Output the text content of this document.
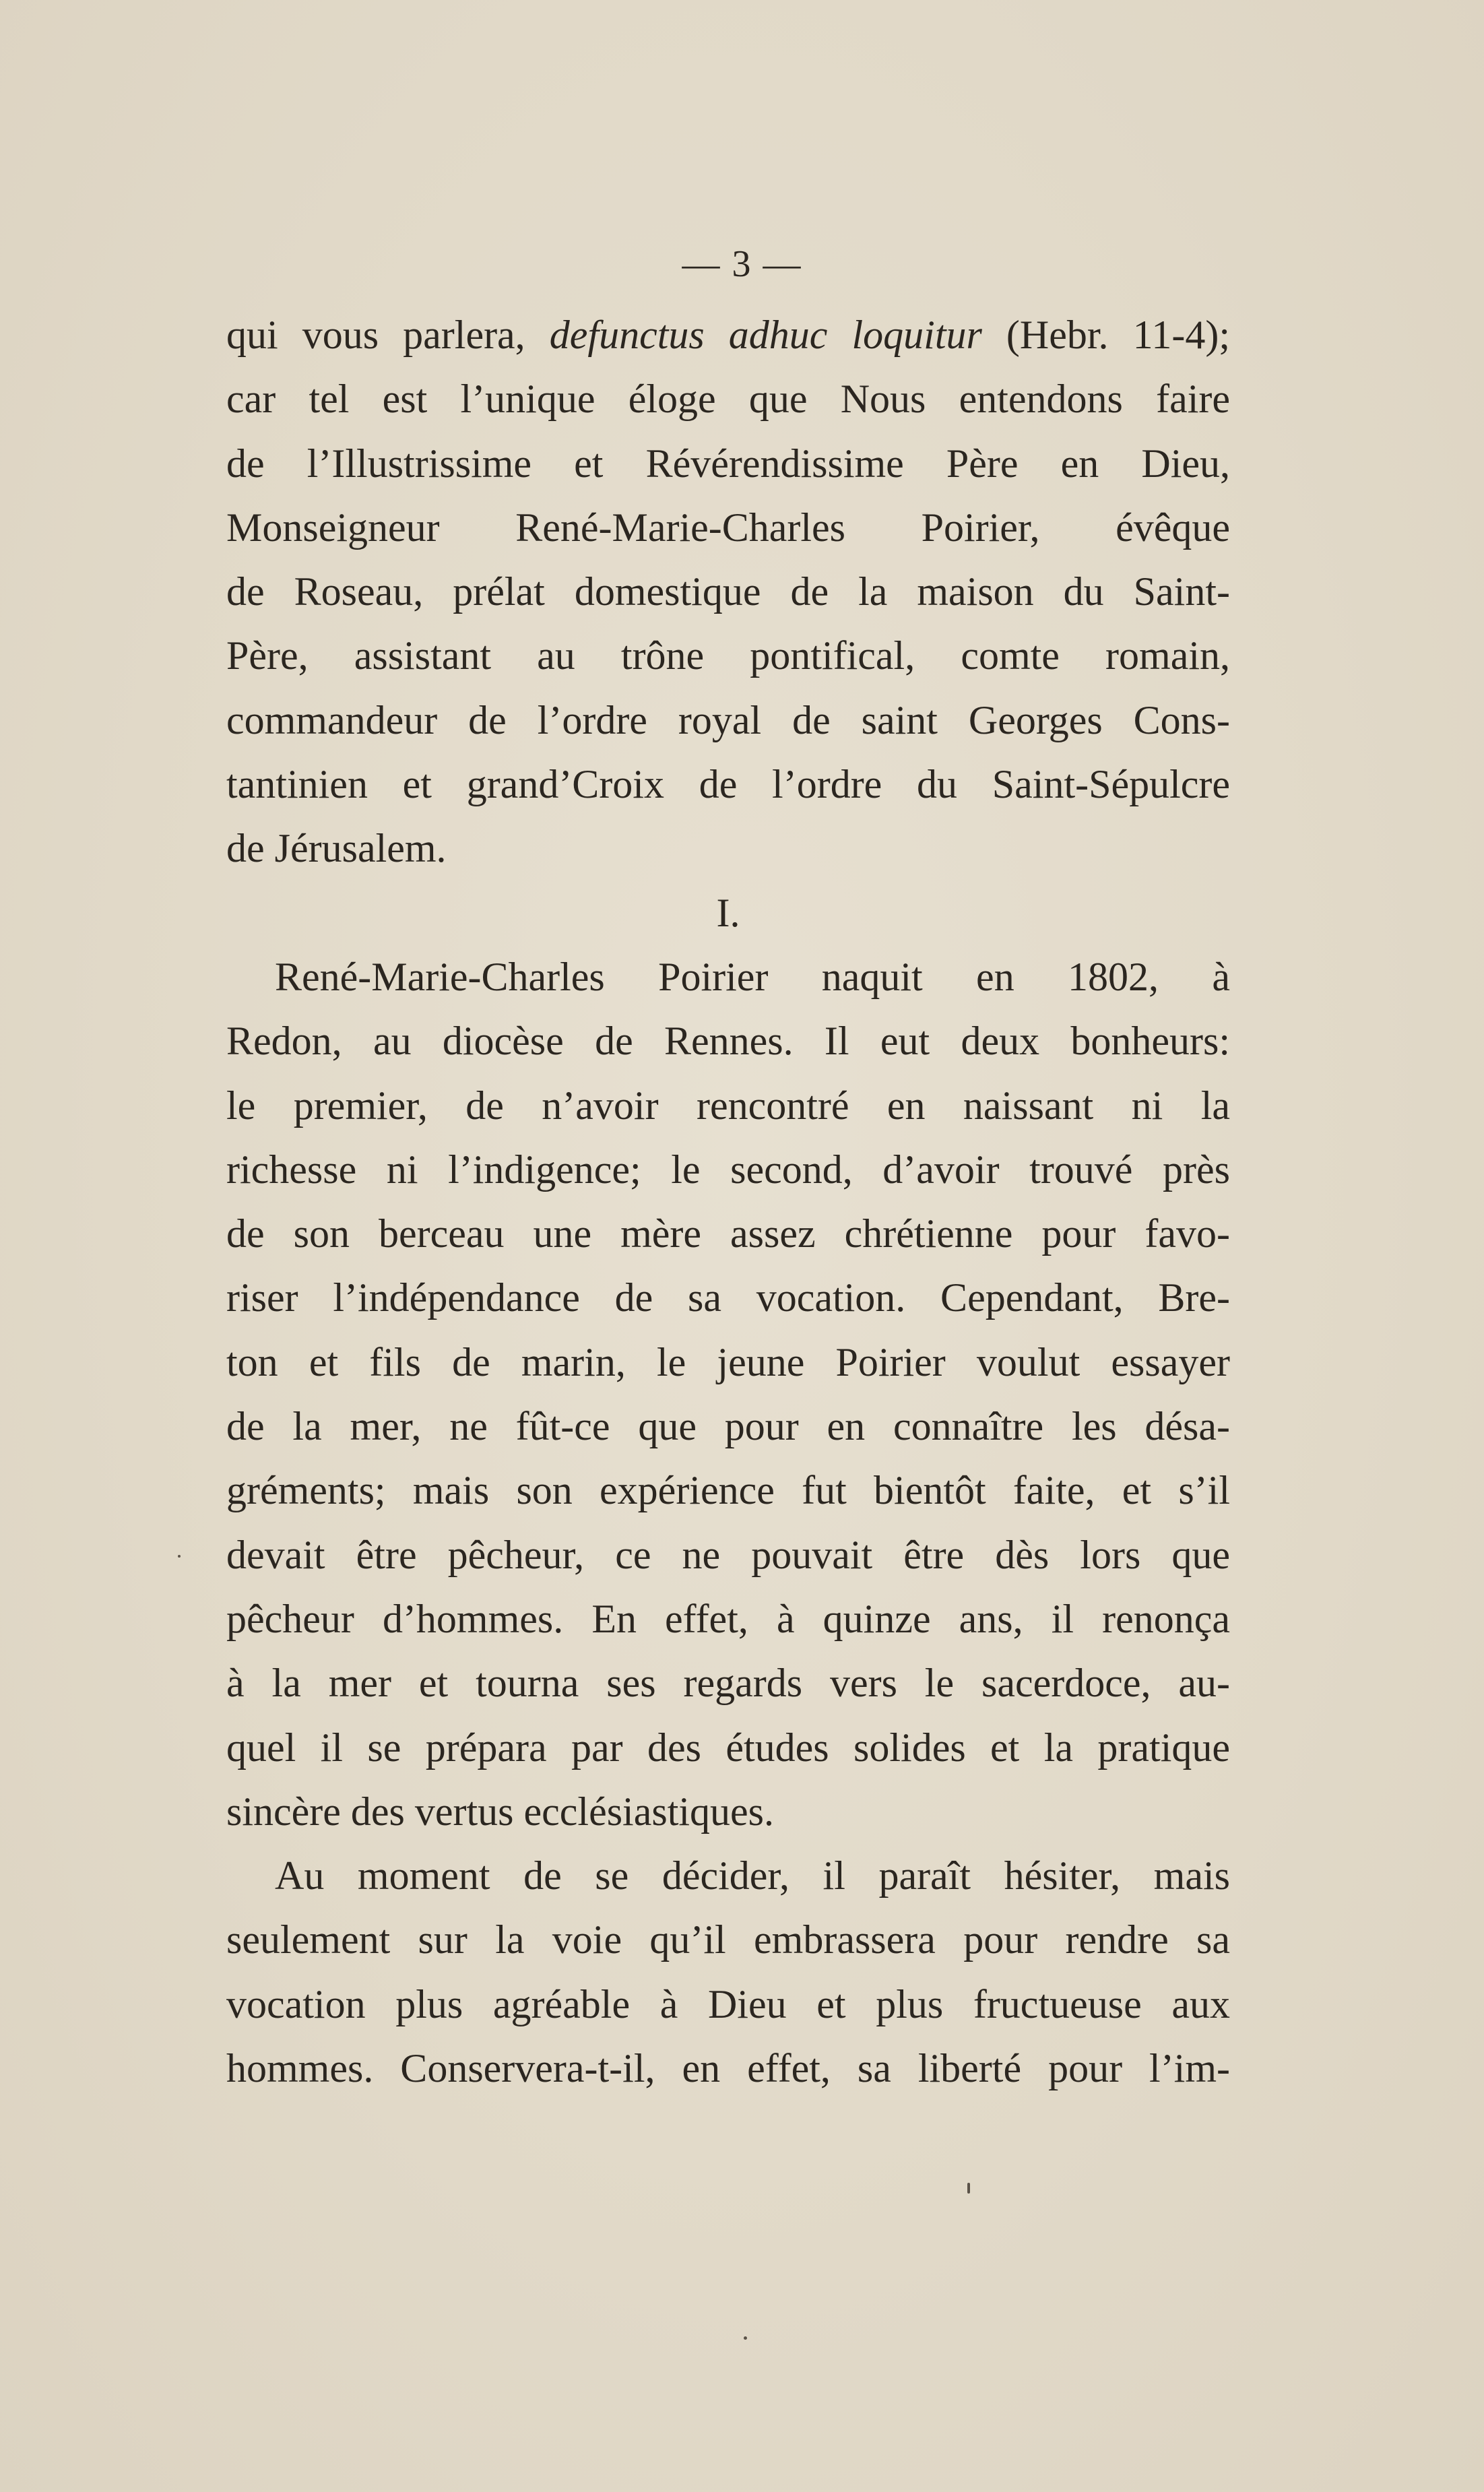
— 3 —
qui vous parlera, defunctus adhuc loquitur (Hebr. 11-4);
car tel est l’unique éloge que Nous entendons faire
de l’Illustrissime et Révérendissime Père en Dieu,
Monseigneur René-Marie-Charles Poirier, évêque
de Roseau, prélat domestique de la maison du Saint-
Père, assistant au trône pontifical, comte romain,
commandeur de l’ordre royal de saint Georges Cons-
tantinien et grand’Croix de l’ordre du Saint-Sépulcre
de Jérusalem.
I.
René-Marie-Charles Poirier naquit en 1802, à
Redon, au diocèse de Rennes. Il eut deux bonheurs:
le premier, de n’avoir rencontré en naissant ni la
richesse ni l’indigence; le second, d’avoir trouvé près
de son berceau une mère assez chrétienne pour favo-
riser l’indépendance de sa vocation. Cependant, Bre-
ton et fils de marin, le jeune Poirier voulut essayer
de la mer, ne fût-ce que pour en connaître les désa-
gréments; mais son expérience fut bientôt faite, et s’il
devait être pêcheur, ce ne pouvait être dès lors que
pêcheur d’hommes. En effet, à quinze ans, il renonça
à la mer et tourna ses regards vers le sacerdoce, au-
quel il se prépara par des études solides et la pratique
sincère des vertus ecclésiastiques.
Au moment de se décider, il paraît hésiter, mais
seulement sur la voie qu’il embrassera pour rendre sa
vocation plus agréable à Dieu et plus fructueuse aux
hommes. Conservera-t-il, en effet, sa liberté pour l’im-
